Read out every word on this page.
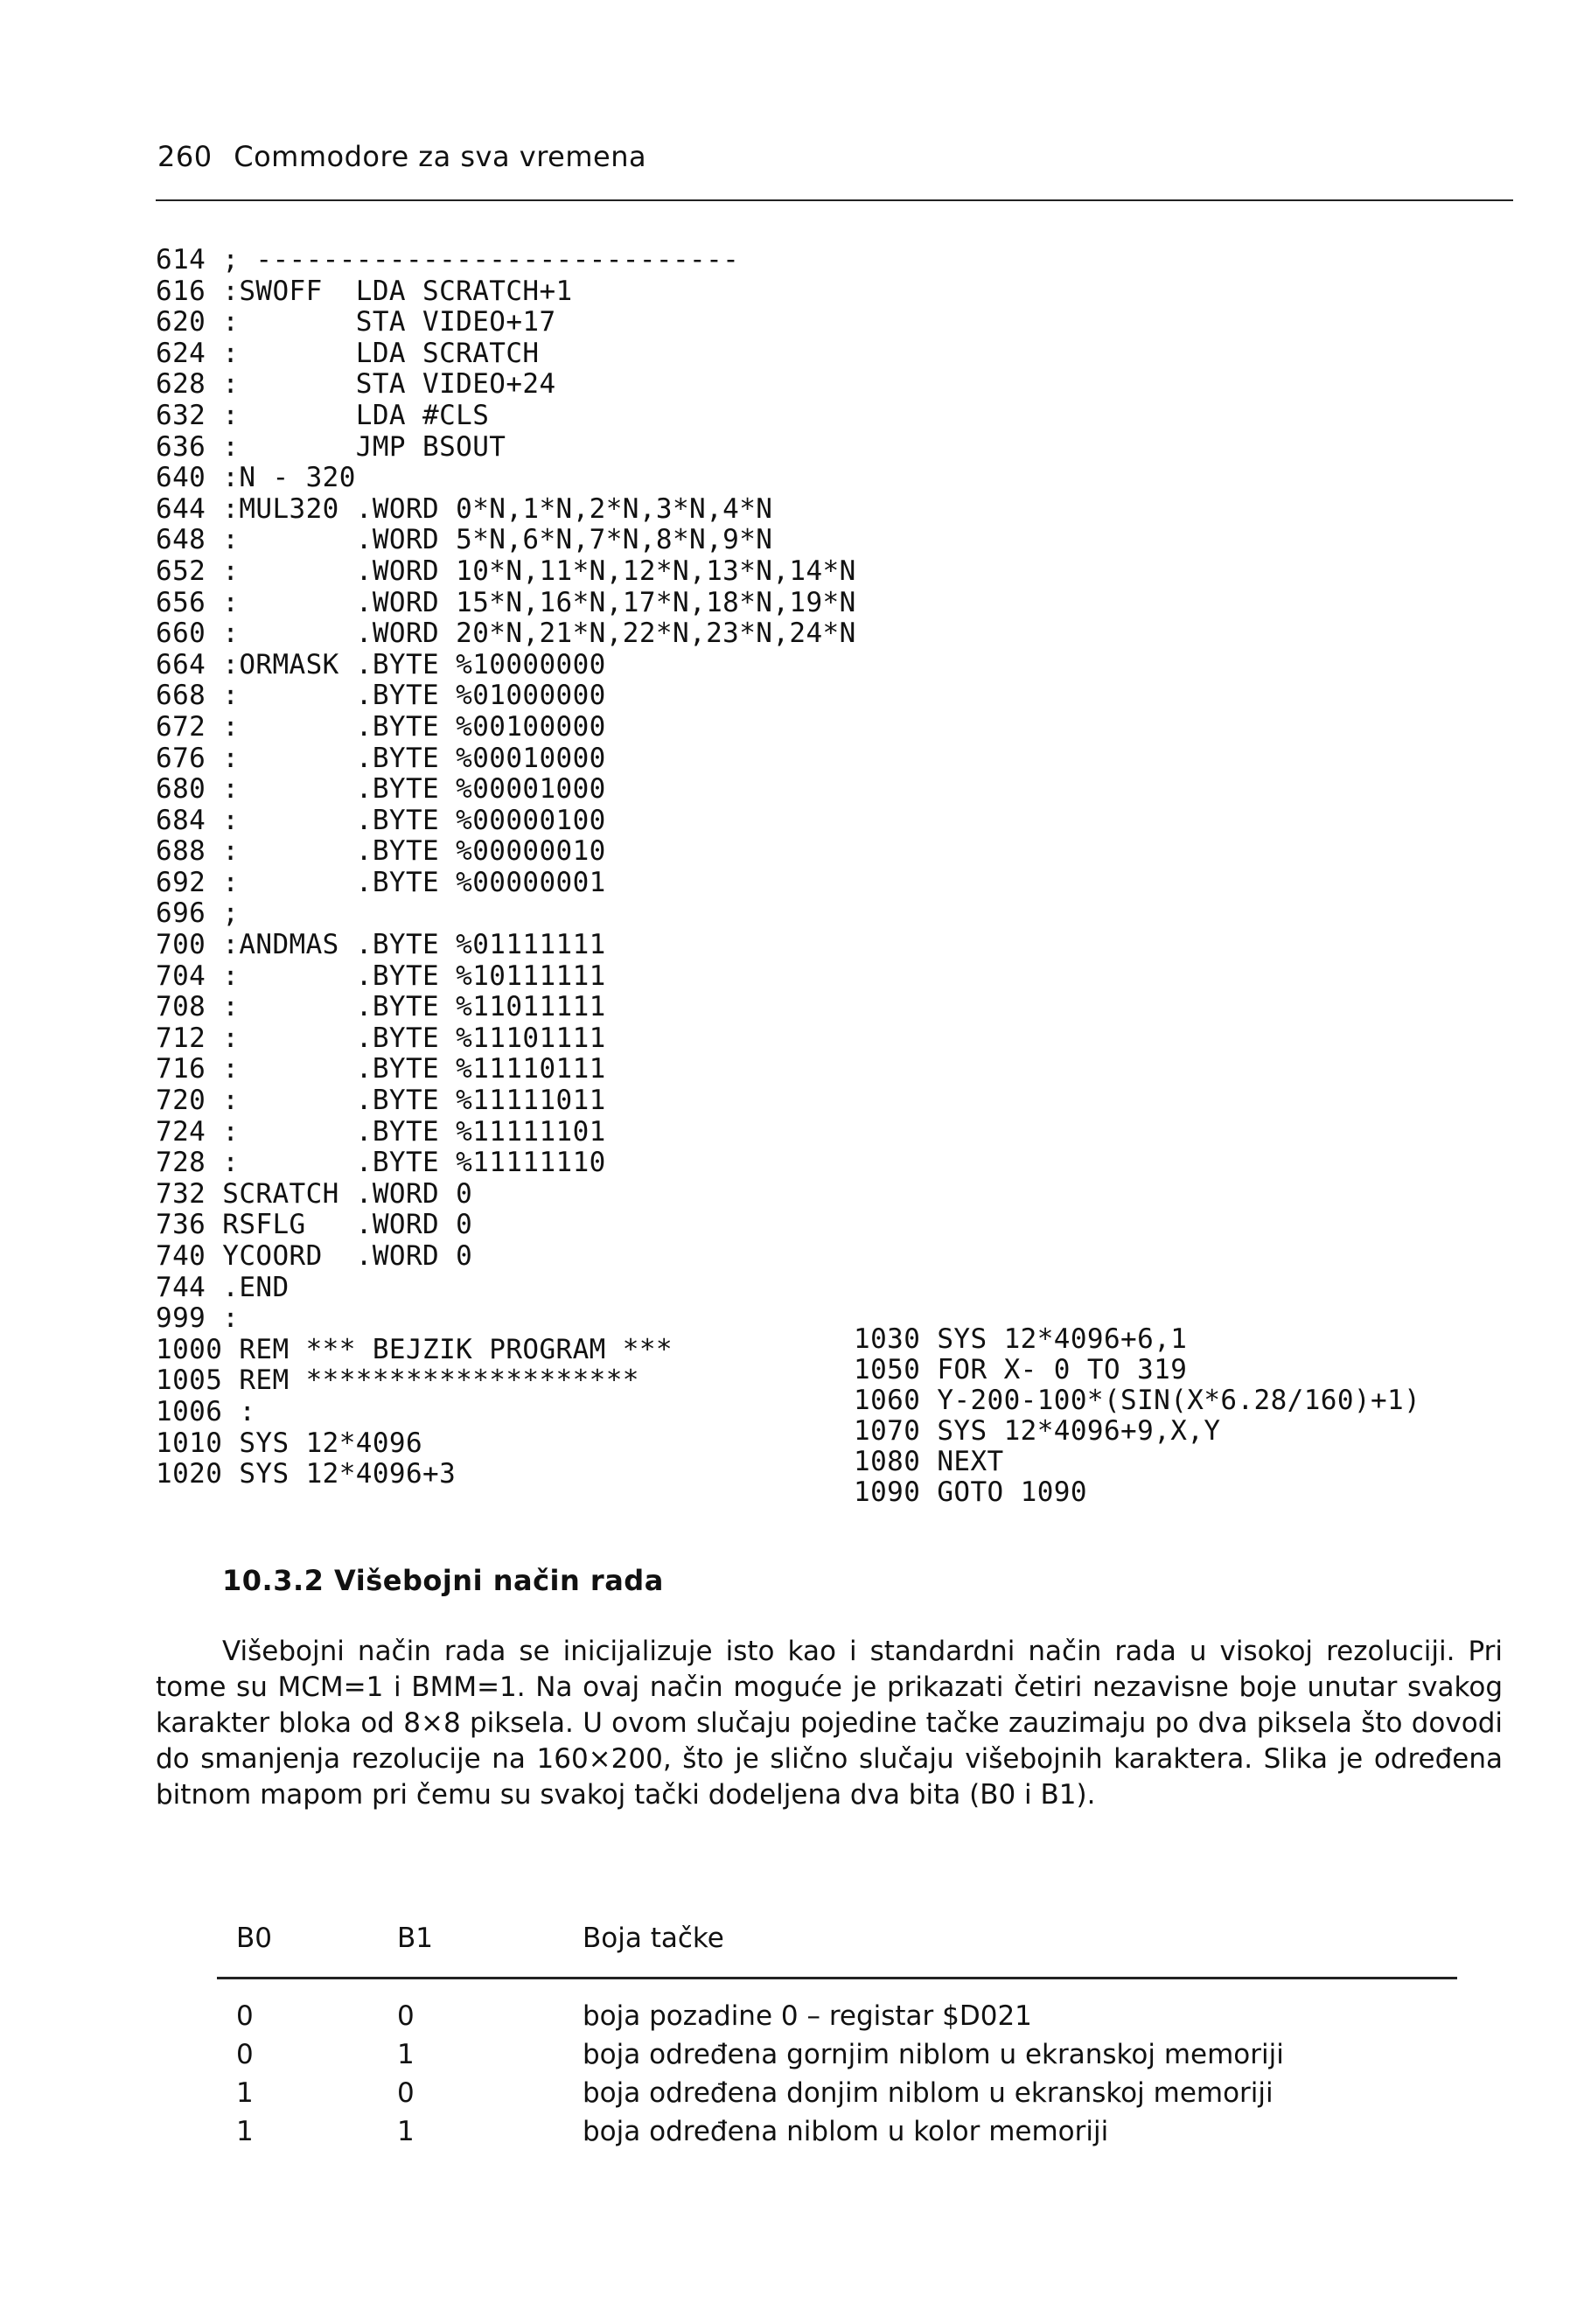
260 Commodore za sva vremena
614 ; -----------------------------
616 :SWOFF  LDA SCRATCH+1
620 :       STA VIDEO+17
624 :       LDA SCRATCH
628 :       STA VIDEO+24
632 :       LDA #CLS
636 :       JMP BSOUT
640 :N - 320
644 :MUL320 .WORD 0*N,1*N,2*N,3*N,4*N
648 :       .WORD 5*N,6*N,7*N,8*N,9*N
652 :       .WORD 10*N,11*N,12*N,13*N,14*N
656 :       .WORD 15*N,16*N,17*N,18*N,19*N
660 :       .WORD 20*N,21*N,22*N,23*N,24*N
664 :ORMASK .BYTE %10000000
668 :       .BYTE %01000000
672 :       .BYTE %00100000
676 :       .BYTE %00010000
680 :       .BYTE %00001000
684 :       .BYTE %00000100
688 :       .BYTE %00000010
692 :       .BYTE %00000001
696 ;
700 :ANDMAS .BYTE %01111111
704 :       .BYTE %10111111
708 :       .BYTE %11011111
712 :       .BYTE %11101111
716 :       .BYTE %11110111
720 :       .BYTE %11111011
724 :       .BYTE %11111101
728 :       .BYTE %11111110
732 SCRATCH .WORD 0
736 RSFLG   .WORD 0
740 YCOORD  .WORD 0
744 .END
999 :
1000 REM *** BEJZIK PROGRAM ***
1005 REM ********************
1006 :
1010 SYS 12*4096
1020 SYS 12*4096+3
1030 SYS 12*4096+6,1
1050 FOR X- 0 TO 319
1060 Y-200-100*(SIN(X*6.28/160)+1)
1070 SYS 12*4096+9,X,Y
1080 NEXT
1090 GOTO 1090
10.3.2 Višebojni način rada

Višebojni način rada se inicijalizuje isto kao i standardni način rada u visokoj rezoluciji. Pri tome su MCM=1 i BMM=1. Na ovaj način moguće je prikazati četiri nezavisne boje unutar svakog karakter bloka od 8×8 piksela. U ovom slučaju pojedine tačke zauzimaju po dva piksela što dovodi do smanjenja rezolucije na 160×200, što je slično slučaju višebojnih karaktera. Slika je određena bitnom mapom pri čemu su svakoj tački dodeljena dva bita (B0 i B1).

B0	B1	Boja tačke
0	0	boja pozadine 0 – registar $D021
0	1	boja određena gornjim niblom u ekranskoj memoriji
1	0	boja određena donjim niblom u ekranskoj memoriji
1	1	boja određena niblom u kolor memoriji
